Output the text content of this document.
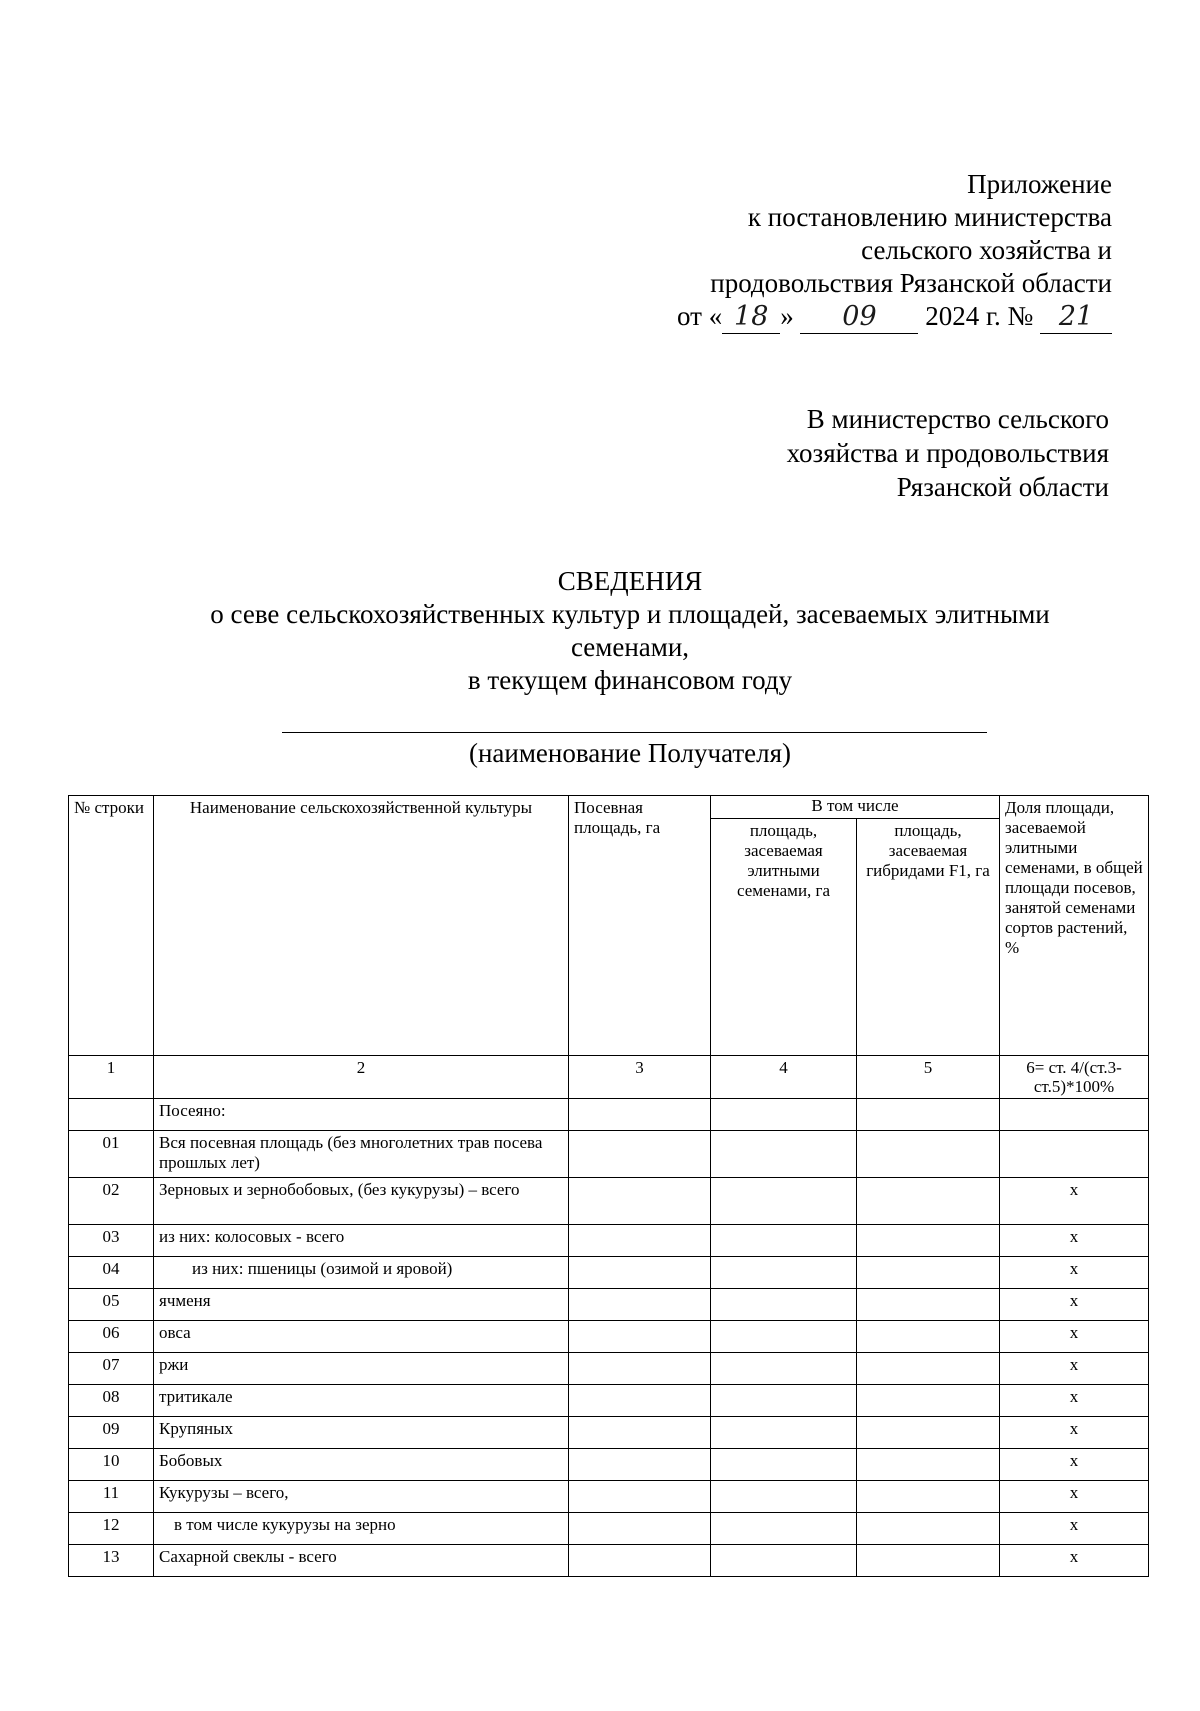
Приложение
к постановлению министерства
сельского хозяйства и
продовольствия Рязанской области
от « 18 » 09 2024 г. № 21
В министерство сельского
хозяйства и продовольствия
Рязанской области
СВЕДЕНИЯ
о севе сельскохозяйственных культур и площадей, засеваемых элитными
семенами,
в текущем финансовом году
(наименование Получателя)
№ строки	Наименование сельскохозяйственной культуры	Посевная площадь, га	В том числе		Доля площади, засеваемой элитными семенами, в общей площади посевов, занятой семенами сортов растений, %
			площадь, засеваемая элитными семенами, га	площадь, засеваемая гибридами F1, га	
1	2	3	4	5	6= ст. 4/(ст.3-ст.5)*100%
	Посеяно:				
01	Вся посевная площадь (без многолетних трав посева прошлых лет)				
02	Зерновых и зернобобовых, (без кукурузы) – всего				x
03	из них: колосовых - всего				x
04	из них: пшеницы (озимой и яровой)				x
05	ячменя				x
06	овса				x
07	ржи				x
08	тритикале				x
09	Крупяных				x
10	Бобовых				x
11	Кукурузы – всего,				x
12	в том числе кукурузы на зерно				x
13	Сахарной свеклы - всего				x
